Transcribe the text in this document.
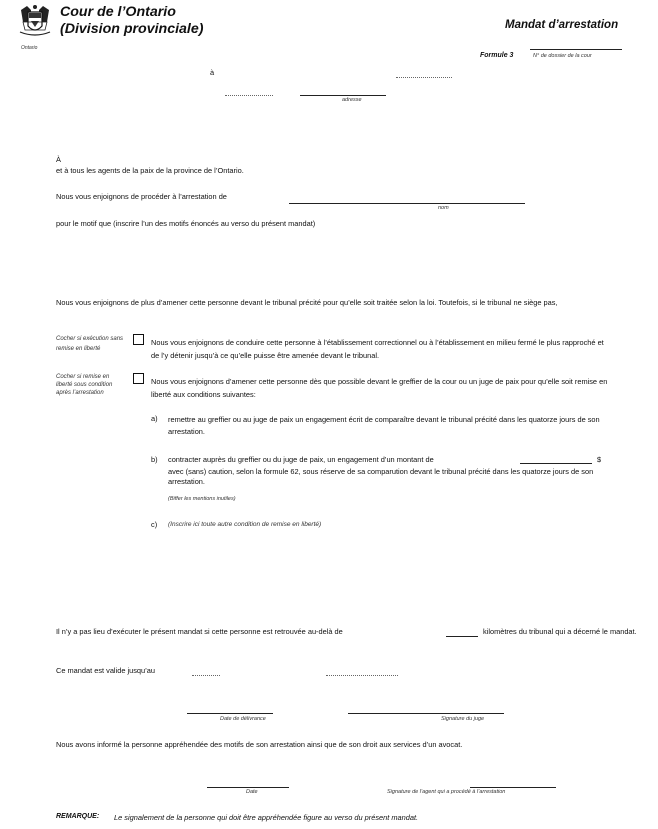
Ontario
Cour de l’Ontario
(Division provinciale)	Mandat d’arrestation
Formule 3	N° de dossier de la cour
à
adresse
À
et à tous les agents de la paix de la province de l’Ontario.
Nous vous enjoignons de procéder à l’arrestation de
nom
pour le motif que (inscrire l’un des motifs énoncés au verso du présent mandat)
Nous vous enjoignons de plus d’amener cette personne devant le tribunal précité pour qu’elle soit traitée selon la loi. Toutefois, si le tribunal ne siège pas,
Cocher si exécution sans remise en liberté
Nous vous enjoignons de conduire cette personne à l’établissement correctionnel ou à l’établissement en milieu fermé le plus rapproché et de l’y détenir jusqu’à ce qu’elle puisse être amenée devant le tribunal.
Cocher si remise en liberté sous condition après l’arrestation
Nous vous enjoignons d’amener cette personne dès que possible devant le greffier de la cour ou un juge de paix pour qu’elle soit remise en liberté aux conditions suivantes:
a) remettre au greffier ou au juge de paix un engagement écrit de comparaître devant le tribunal précité dans les quatorze jours de son arrestation.
b) contracter auprès du greffier ou du juge de paix, un engagement d’un montant de	$
avec (sans) caution, selon la formule 62, sous réserve de sa comparution devant le tribunal précité dans les quatorze jours de son arrestation.
(Biffer les mentions inutiles)
c) (Inscrire ici toute autre condition de remise en liberté)
Il n’y a pas lieu d’exécuter le présent mandat si cette personne est retrouvée au-delà de	kilomètres du tribunal qui a décerné le mandat.
Ce mandat est valide jusqu’au
Date de délivrance	Signature du juge
Nous avons informé la personne appréhendée des motifs de son arrestation ainsi que de son droit aux services d’un avocat.
Date	Signature de l’agent qui a procédé à l’arrestation
REMARQUE: Le signalement de la personne qui doit être appréhendée figure au verso du présent mandat.
